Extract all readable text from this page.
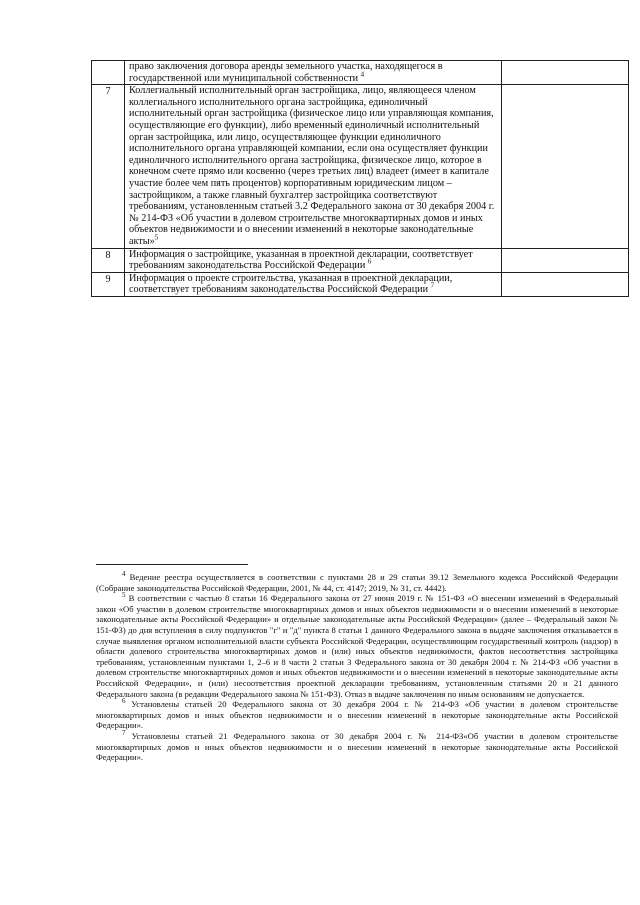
	право заключения договора аренды земельного участка, находящегося в государственной или муниципальной собственности $^4$	
7	Коллегиальный исполнительный орган застройщика, лицо, являющееся членом коллегиального исполнительного органа застройщика, единоличный исполнительный орган застройщика (физическое лицо или управляющая компания, осуществляющие его функции), либо временный единоличный исполнительный орган застройщика, или лицо, осуществляющее функции единоличного исполнительного органа управляющей компании, если она осуществляет функции единоличного исполнительного органа застройщика, физическое лицо, которое в конечном счете прямо или косвенно (через третьих лиц) владеет (имеет в капитале участие более чем пять процентов) корпоративным юридическим лицом – застройщиком, а также главный бухгалтер застройщика соответствуют требованиям, установленным статьей 3.2 Федерального закона от 30 декабря 2004 г. № 214-ФЗ «Об участии в долевом строительстве многоквартирных домов и иных объектов недвижимости и о внесении изменений в некоторые законодательные акты»$^5$	
8	Информация о застройщике, указанная в проектной декларации, соответствует требованиям законодательства Российской Федерации $^6$	
9	Информация о проекте строительства, указанная в проектной декларации, соответствует требованиям законодательства Российской Федерации $^7$	

$^4$ Ведение реестра осуществляется в соответствии с пунктами 28 и 29 статьи 39.12 Земельного кодекса Российской Федерации (Собрание законодательства Российской Федерации, 2001, № 44, ст. 4147; 2019, № 31, ст. 4442).

$^5$ В соответствии с частью 8 статьи 16 Федерального закона от 27 июня 2019 г. № 151-ФЗ «О внесении изменений в Федеральный закон «Об участии в долевом строительстве многоквартирных домов и иных объектов недвижимости и о внесении изменений в некоторые законодательные акты Российской Федерации» и отдельные законодательные акты Российской Федерации» (далее – Федеральный закон № 151-ФЗ) до дня вступления в силу подпунктов "г" и "д" пункта 8 статьи 1 данного Федерального закона в выдаче заключения отказывается в случае выявления органом исполнительной власти субъекта Российской Федерации, осуществляющим государственный контроль (надзор) в области долевого строительства многоквартирных домов и (или) иных объектов недвижимости, фактов несоответствия застройщика требованиям, установленным пунктами 1, 2–6 и 8 части 2 статьи 3 Федерального закона от 30 декабря 2004 г. № 214-ФЗ «Об участии в долевом строительстве многоквартирных домов и иных объектов недвижимости и о внесении изменений в некоторые законодательные акты Российской Федерации», и (или) несоответствия проектной декларации требованиям, установленным статьями 20 и 21 данного Федерального закона (в редакции Федерального закона № 151-ФЗ). Отказ в выдаче заключения по иным основаниям не допускается.

$^6$ Установлены статьей 20 Федерального закона от 30 декабря 2004 г. № 214-ФЗ «Об участии в долевом строительстве многоквартирных домов и иных объектов недвижимости и о внесении изменений в некоторые законодательные акты Российской Федерации».

$^7$ Установлены статьей 21 Федерального закона от 30 декабря 2004 г. № 214-ФЗ«Об участии в долевом строительстве многоквартирных домов и иных объектов недвижимости и о внесении изменений в некоторые законодательные акты Российской Федерации».
